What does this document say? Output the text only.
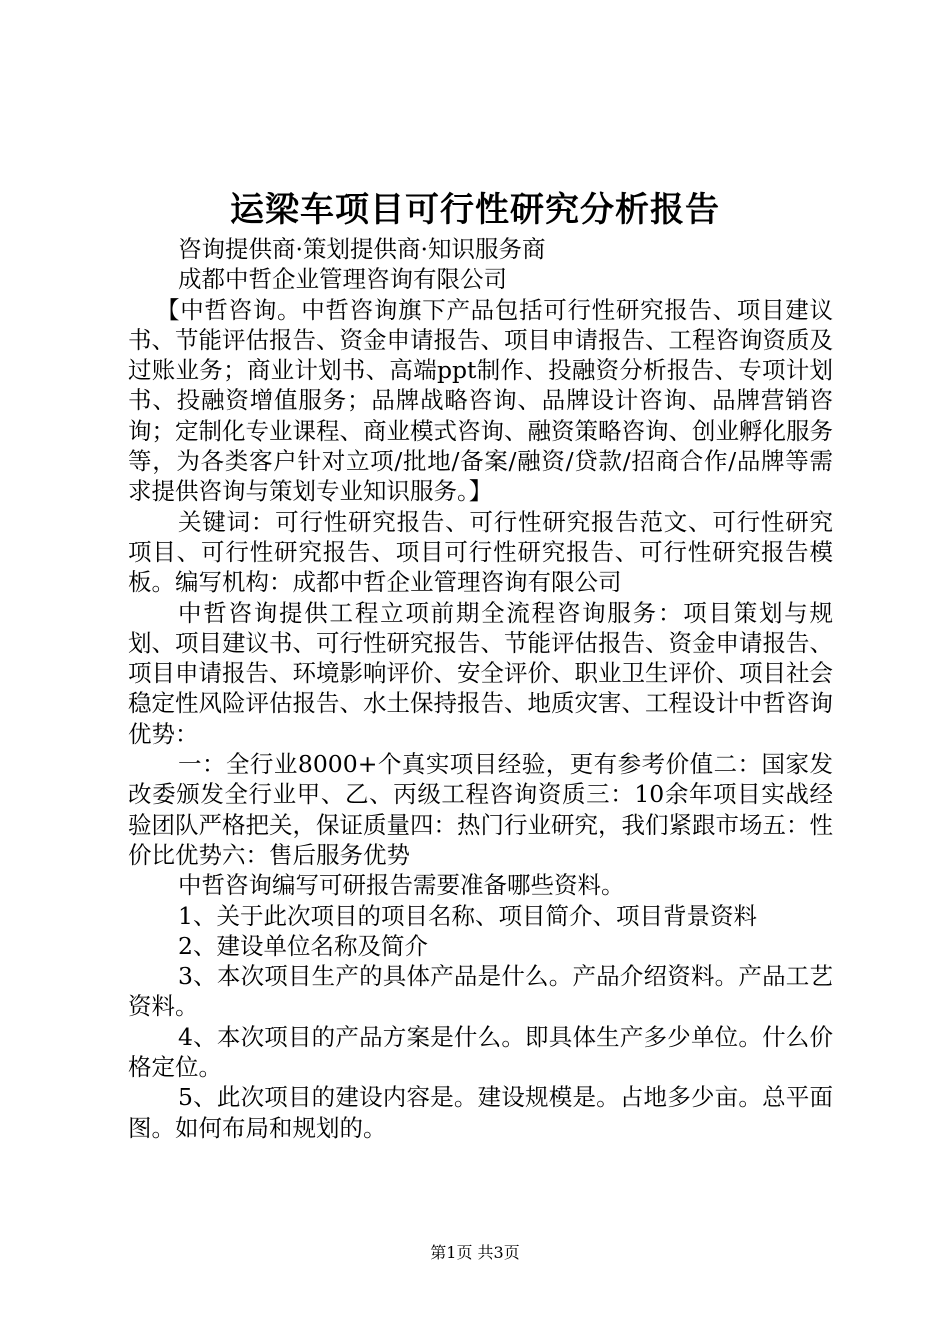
运梁车项目可行性研究分析报告

咨询提供商·策划提供商·知识服务商

成都中哲企业管理咨询有限公司

【中哲咨询。中哲咨询旗下产品包括可行性研究报告、项目建议书、节能评估报告、资金申请报告、项目申请报告、工程咨询资质及过账业务；商业计划书、高端ppt制作、投融资分析报告、专项计划书、投融资增值服务；品牌战略咨询、品牌设计咨询、品牌营销咨询；定制化专业课程、商业模式咨询、融资策略咨询、创业孵化服务等，为各类客户针对立项/批地/备案/融资/贷款/招商合作/品牌等需求提供咨询与策划专业知识服务。】

关键词：可行性研究报告、可行性研究报告范文、可行性研究项目、可行性研究报告、项目可行性研究报告、可行性研究报告模板。编写机构：成都中哲企业管理咨询有限公司

中哲咨询提供工程立项前期全流程咨询服务：项目策划与规划、项目建议书、可行性研究报告、节能评估报告、资金申请报告、项目申请报告、环境影响评价、安全评价、职业卫生评价、项目社会稳定性风险评估报告、水土保持报告、地质灾害、工程设计中哲咨询优势：

一：全行业8000+个真实项目经验，更有参考价值二：国家发改委颁发全行业甲、乙、丙级工程咨询资质三：10余年项目实战经验团队严格把关，保证质量四：热门行业研究，我们紧跟市场五：性价比优势六：售后服务优势

中哲咨询编写可研报告需要准备哪些资料。

1、关于此次项目的项目名称、项目简介、项目背景资料

2、建设单位名称及简介

3、本次项目生产的具体产品是什么。产品介绍资料。产品工艺资料。

4、本次项目的产品方案是什么。即具体生产多少单位。什么价格定位。

5、此次项目的建设内容是。建设规模是。占地多少亩。总平面图。如何布局和规划的。

第1页 共3页
